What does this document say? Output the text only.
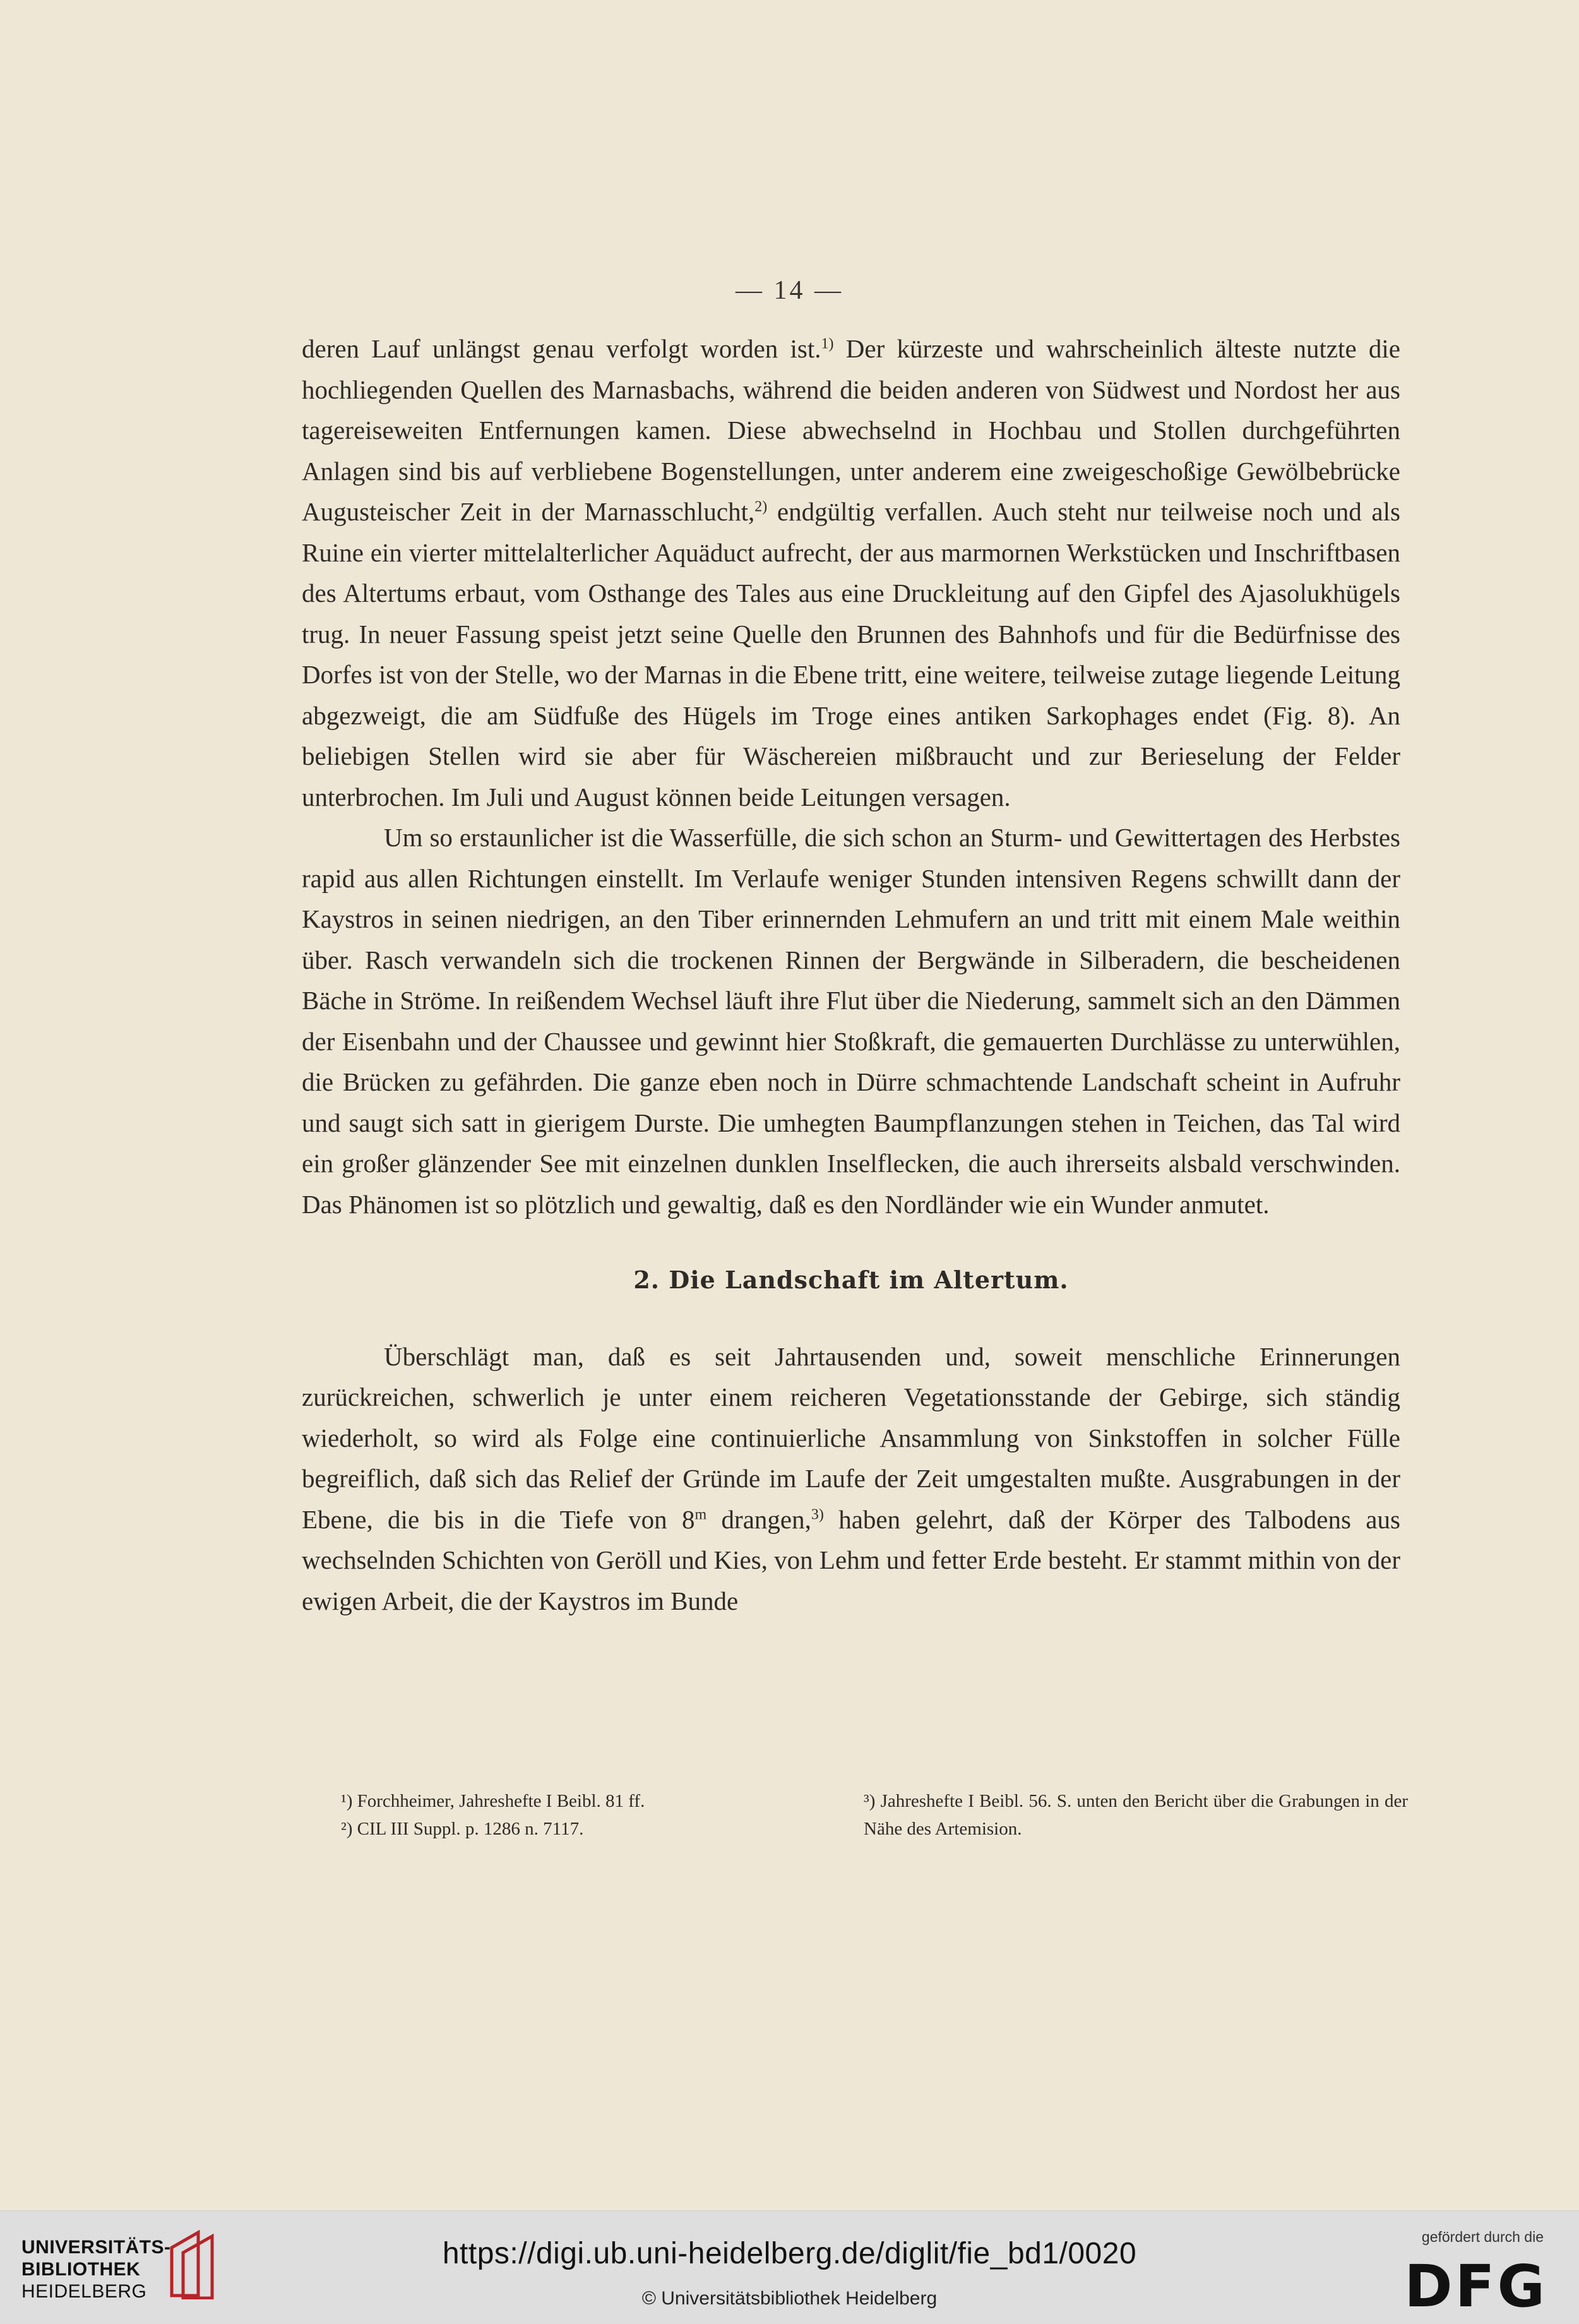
— 14 —

deren Lauf unlängst genau verfolgt worden ist.$^{1)}$ Der kürzeste und wahrscheinlich älteste nutzte die hochliegenden Quellen des Marnasbachs, während die beiden anderen von Südwest und Nordost her aus tagereiseweiten Entfernungen kamen. Diese abwechselnd in Hochbau und Stollen durchgeführten Anlagen sind bis auf verbliebene Bogenstellungen, unter anderem eine zweigeschoßige Gewölbebrücke Augusteischer Zeit in der Marnasschlucht,$^{2)}$ endgültig verfallen. Auch steht nur teilweise noch und als Ruine ein vierter mittelalterlicher Aquäduct aufrecht, der aus marmornen Werkstücken und Inschriftbasen des Altertums erbaut, vom Osthange des Tales aus eine Druckleitung auf den Gipfel des Ajasolukhügels trug. In neuer Fassung speist jetzt seine Quelle den Brunnen des Bahnhofs und für die Bedürfnisse des Dorfes ist von der Stelle, wo der Marnas in die Ebene tritt, eine weitere, teilweise zutage liegende Leitung abgezweigt, die am Südfuße des Hügels im Troge eines antiken Sarkophages endet (Fig. 8). An beliebigen Stellen wird sie aber für Wäschereien mißbraucht und zur Berieselung der Felder unterbrochen. Im Juli und August können beide Leitungen versagen.

Um so erstaunlicher ist die Wasserfülle, die sich schon an Sturm- und Gewittertagen des Herbstes rapid aus allen Richtungen einstellt. Im Verlaufe weniger Stunden intensiven Regens schwillt dann der Kaystros in seinen niedrigen, an den Tiber erinnernden Lehmufern an und tritt mit einem Male weithin über. Rasch verwandeln sich die trockenen Rinnen der Bergwände in Silberadern, die bescheidenen Bäche in Ströme. In reißendem Wechsel läuft ihre Flut über die Niederung, sammelt sich an den Dämmen der Eisenbahn und der Chaussee und gewinnt hier Stoßkraft, die gemauerten Durchlässe zu unterwühlen, die Brücken zu gefährden. Die ganze eben noch in Dürre schmachtende Landschaft scheint in Aufruhr und saugt sich satt in gierigem Durste. Die umhegten Baumpflanzungen stehen in Teichen, das Tal wird ein großer glänzender See mit einzelnen dunklen Inselflecken, die auch ihrerseits alsbald verschwinden. Das Phänomen ist so plötzlich und gewaltig, daß es den Nordländer wie ein Wunder anmutet.

2. Die Landschaft im Altertum.

Überschlägt man, daß es seit Jahrtausenden und, soweit menschliche Erinnerungen zurückreichen, schwerlich je unter einem reicheren Vegetationsstande der Gebirge, sich ständig wiederholt, so wird als Folge eine continuierliche Ansammlung von Sinkstoffen in solcher Fülle begreiflich, daß sich das Relief der Gründe im Laufe der Zeit umgestalten mußte. Ausgrabungen in der Ebene, die bis in die Tiefe von 8$^m$ drangen,$^{3)}$ haben gelehrt, daß der Körper des Talbodens aus wechselnden Schichten von Geröll und Kies, von Lehm und fetter Erde besteht. Er stammt mithin von der ewigen Arbeit, die der Kaystros im Bunde

¹) Forchheimer, Jahreshefte I Beibl. 81 ff.
²) CIL III Suppl. p. 1286 n. 7117.
³) Jahreshefte I Beibl. 56. S. unten den Bericht über die Grabungen in der Nähe des Artemision.
UNIVERSITÄTS-
BIBLIOTHEK
HEIDELBERG
https://digi.ub.uni-heidelberg.de/diglit/fie_bd1/0020
© Universitätsbibliothek Heidelberg
gefördert durch die
DFG
